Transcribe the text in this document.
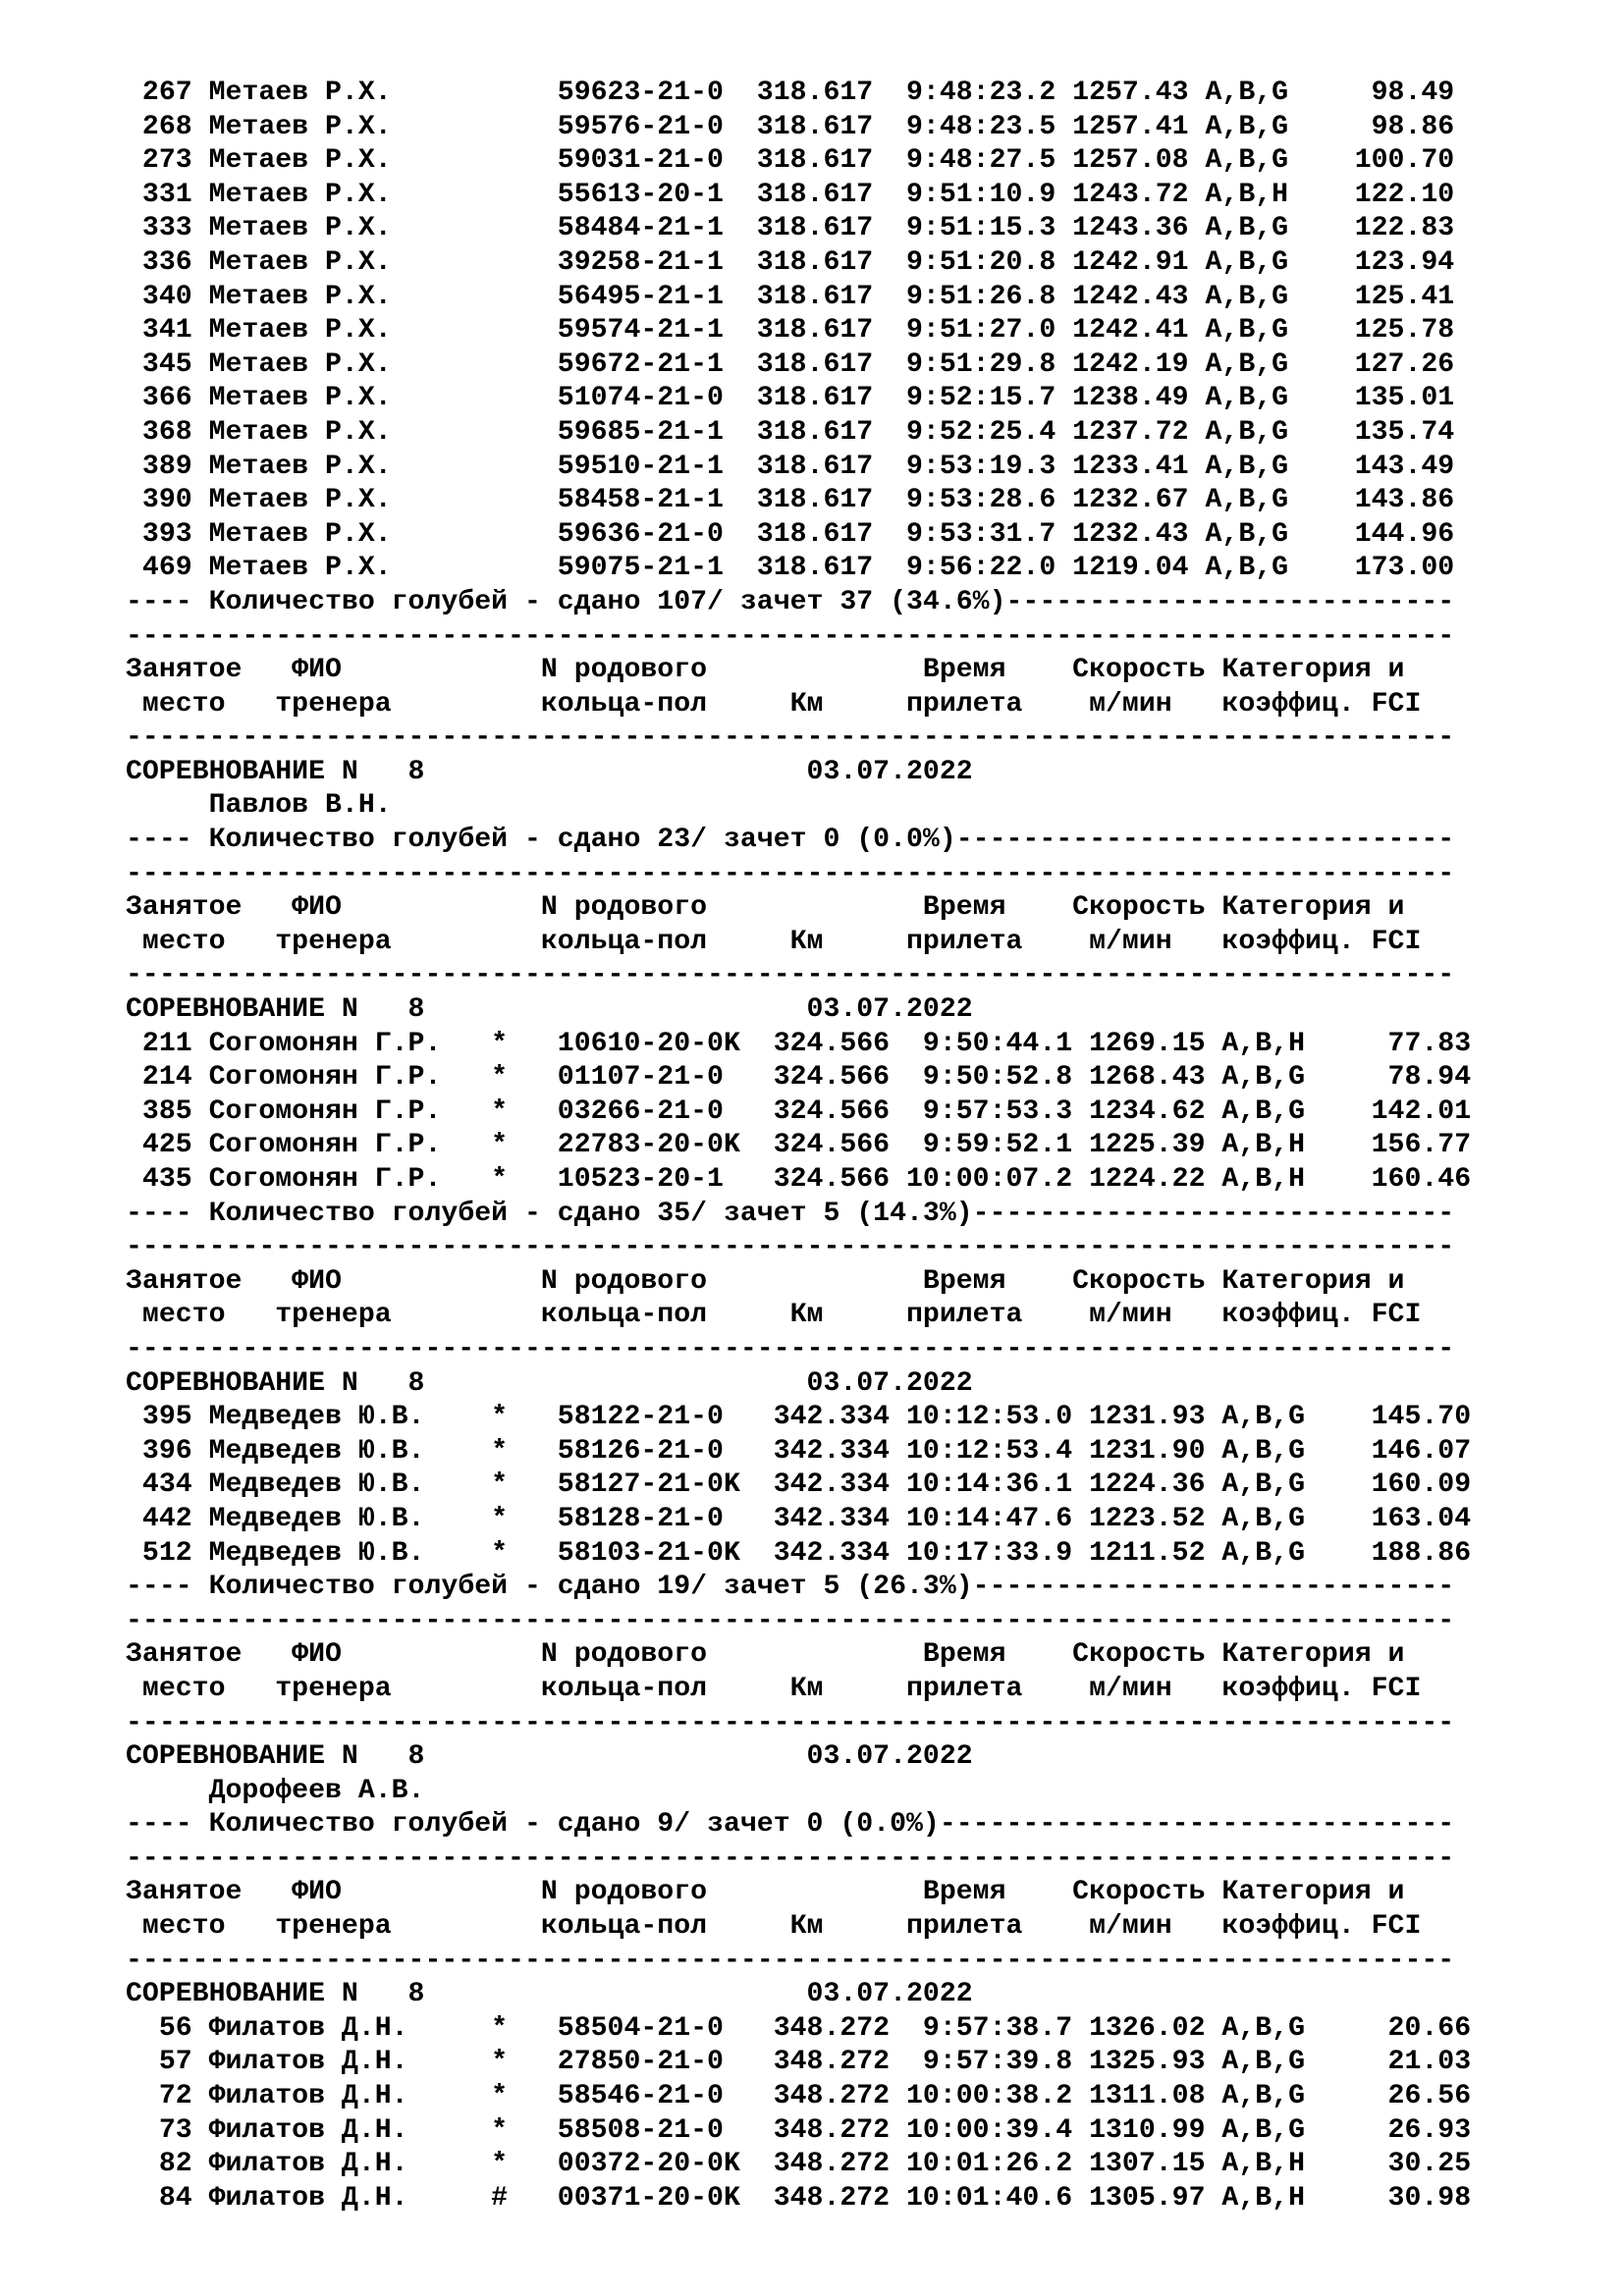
267 Метаев Р.Х.          59623-21-0  318.617  9:48:23.2 1257.43 A,B,G     98.49
268 Метаев Р.Х.          59576-21-0  318.617  9:48:23.5 1257.41 A,B,G     98.86
273 Метаев Р.Х.          59031-21-0  318.617  9:48:27.5 1257.08 A,B,G    100.70
331 Метаев Р.Х.          55613-20-1  318.617  9:51:10.9 1243.72 A,B,H    122.10
333 Метаев Р.Х.          58484-21-1  318.617  9:51:15.3 1243.36 A,B,G    122.83
336 Метаев Р.Х.          39258-21-1  318.617  9:51:20.8 1242.91 A,B,G    123.94
340 Метаев Р.Х.          56495-21-1  318.617  9:51:26.8 1242.43 A,B,G    125.41
341 Метаев Р.Х.          59574-21-1  318.617  9:51:27.0 1242.41 A,B,G    125.78
345 Метаев Р.Х.          59672-21-1  318.617  9:51:29.8 1242.19 A,B,G    127.26
366 Метаев Р.Х.          51074-21-0  318.617  9:52:15.7 1238.49 A,B,G    135.01
368 Метаев Р.Х.          59685-21-1  318.617  9:52:25.4 1237.72 A,B,G    135.74
389 Метаев Р.Х.          59510-21-1  318.617  9:53:19.3 1233.41 A,B,G    143.49
390 Метаев Р.Х.          58458-21-1  318.617  9:53:28.6 1232.67 A,B,G    143.86
393 Метаев Р.Х.          59636-21-0  318.617  9:53:31.7 1232.43 A,B,G    144.96
469 Метаев Р.Х.          59075-21-1  318.617  9:56:22.0 1219.04 A,B,G    173.00
---- Количество голубей - сдано 107/ зачет 37 (34.6%)---------------------------
--------------------------------------------------------------------------------
Занятое   ФИО            N родового             Время    Скорость Категория и
место   тренера         кольца-пол     Км     прилета    м/мин   коэффиц. FCI
--------------------------------------------------------------------------------
СОРЕВНОВАНИЕ N   8                       03.07.2022
Павлов В.Н.
---- Количество голубей - сдано 23/ зачет 0 (0.0%)------------------------------
--------------------------------------------------------------------------------
Занятое   ФИО            N родового             Время    Скорость Категория и
место   тренера         кольца-пол     Км     прилета    м/мин   коэффиц. FCI
--------------------------------------------------------------------------------
СОРЕВНОВАНИЕ N   8                       03.07.2022
211 Согомонян Г.Р.   *   10610-20-0K  324.566  9:50:44.1 1269.15 A,B,H     77.83
214 Согомонян Г.Р.   *   01107-21-0   324.566  9:50:52.8 1268.43 A,B,G     78.94
385 Согомонян Г.Р.   *   03266-21-0   324.566  9:57:53.3 1234.62 A,B,G    142.01
425 Согомонян Г.Р.   *   22783-20-0K  324.566  9:59:52.1 1225.39 A,B,H    156.77
435 Согомонян Г.Р.   *   10523-20-1   324.566 10:00:07.2 1224.22 A,B,H    160.46
---- Количество голубей - сдано 35/ зачет 5 (14.3%)-----------------------------
--------------------------------------------------------------------------------
Занятое   ФИО            N родового             Время    Скорость Категория и
место   тренера         кольца-пол     Км     прилета    м/мин   коэффиц. FCI
--------------------------------------------------------------------------------
СОРЕВНОВАНИЕ N   8                       03.07.2022
395 Медведев Ю.В.    *   58122-21-0   342.334 10:12:53.0 1231.93 A,B,G    145.70
396 Медведев Ю.В.    *   58126-21-0   342.334 10:12:53.4 1231.90 A,B,G    146.07
434 Медведев Ю.В.    *   58127-21-0K  342.334 10:14:36.1 1224.36 A,B,G    160.09
442 Медведев Ю.В.    *   58128-21-0   342.334 10:14:47.6 1223.52 A,B,G    163.04
512 Медведев Ю.В.    *   58103-21-0K  342.334 10:17:33.9 1211.52 A,B,G    188.86
---- Количество голубей - сдано 19/ зачет 5 (26.3%)-----------------------------
--------------------------------------------------------------------------------
Занятое   ФИО            N родового             Время    Скорость Категория и
место   тренера         кольца-пол     Км     прилета    м/мин   коэффиц. FCI
--------------------------------------------------------------------------------
СОРЕВНОВАНИЕ N   8                       03.07.2022
Дорофеев А.В.
---- Количество голубей - сдано 9/ зачет 0 (0.0%)-------------------------------
--------------------------------------------------------------------------------
Занятое   ФИО            N родового             Время    Скорость Категория и
место   тренера         кольца-пол     Км     прилета    м/мин   коэффиц. FCI
--------------------------------------------------------------------------------
СОРЕВНОВАНИЕ N   8                       03.07.2022
56 Филатов Д.Н.     *   58504-21-0   348.272  9:57:38.7 1326.02 A,B,G     20.66
57 Филатов Д.Н.     *   27850-21-0   348.272  9:57:39.8 1325.93 A,B,G     21.03
72 Филатов Д.Н.     *   58546-21-0   348.272 10:00:38.2 1311.08 A,B,G     26.56
73 Филатов Д.Н.     *   58508-21-0   348.272 10:00:39.4 1310.99 A,B,G     26.93
82 Филатов Д.Н.     *   00372-20-0K  348.272 10:01:26.2 1307.15 A,B,H     30.25
84 Филатов Д.Н.     #   00371-20-0K  348.272 10:01:40.6 1305.97 A,B,H     30.98
